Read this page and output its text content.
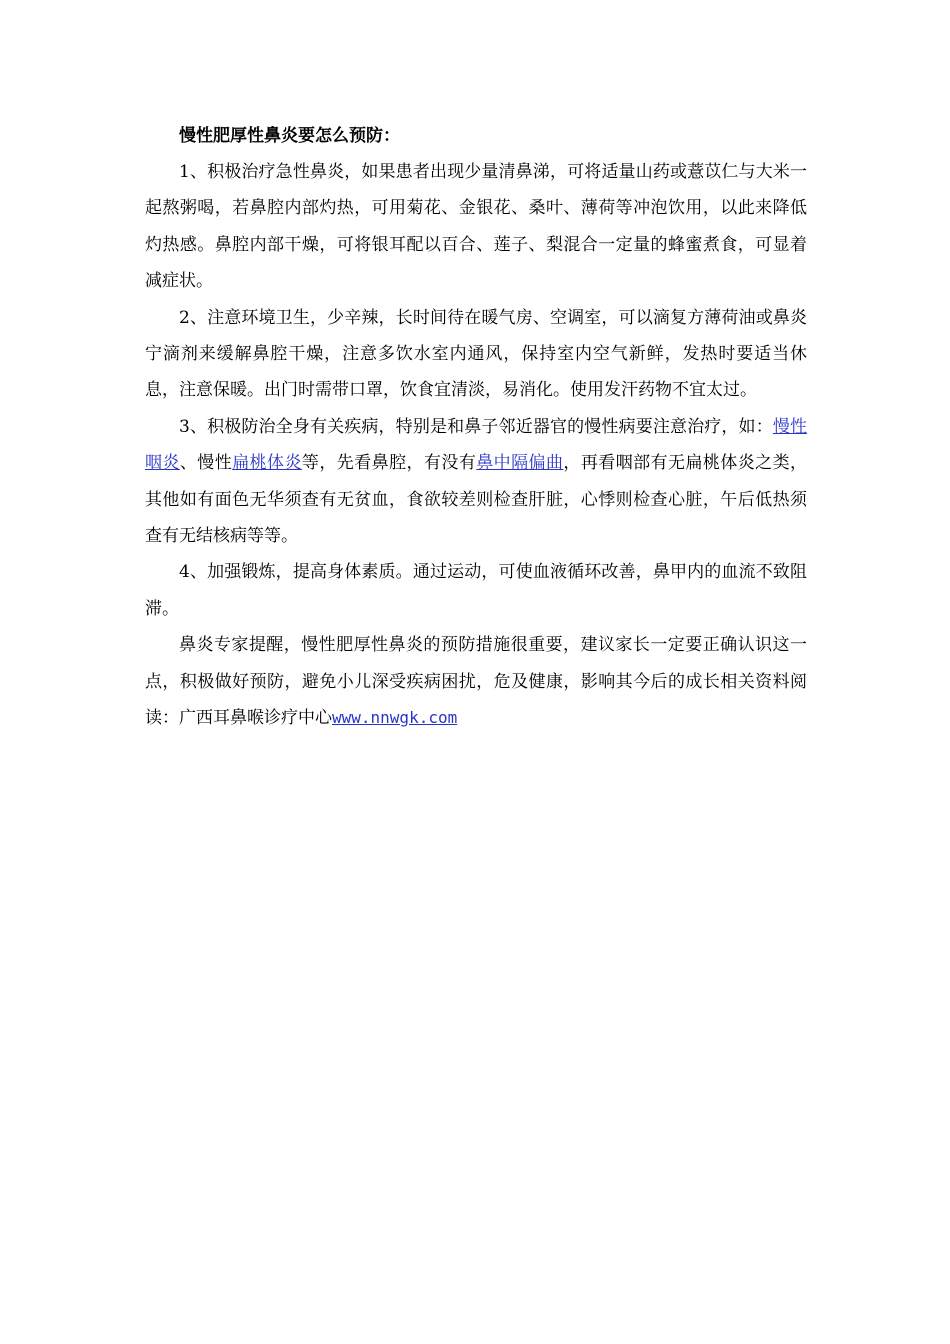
慢性肥厚性鼻炎要怎么预防：

1、积极治疗急性鼻炎，如果患者出现少量清鼻涕，可将适量山药或薏苡仁与大米一起熬粥喝，若鼻腔内部灼热，可用菊花、金银花、桑叶、薄荷等冲泡饮用，以此来降低灼热感。鼻腔内部干燥，可将银耳配以百合、莲子、梨混合一定量的蜂蜜煮食，可显着减症状。

2、注意环境卫生，少辛辣，长时间待在暖气房、空调室，可以滴复方薄荷油或鼻炎宁滴剂来缓解鼻腔干燥，注意多饮水室内通风，保持室内空气新鲜，发热时要适当休息，注意保暖。出门时需带口罩，饮食宜清淡，易消化。使用发汗药物不宜太过。

3、积极防治全身有关疾病，特别是和鼻子邻近器官的慢性病要注意治疗，如：慢性咽炎、慢性扁桃体炎等，先看鼻腔，有没有鼻中隔偏曲，再看咽部有无扁桃体炎之类，其他如有面色无华须查有无贫血，食欲较差则检查肝脏，心悸则检查心脏，午后低热须查有无结核病等等。

4、加强锻炼，提高身体素质。通过运动，可使血液循环改善，鼻甲内的血流不致阻滞。

鼻炎专家提醒，慢性肥厚性鼻炎的预防措施很重要，建议家长一定要正确认识这一点，积极做好预防，避免小儿深受疾病困扰，危及健康，影响其今后的成长相关资料阅读：广西耳鼻喉诊疗中心www.nnwgk.com
